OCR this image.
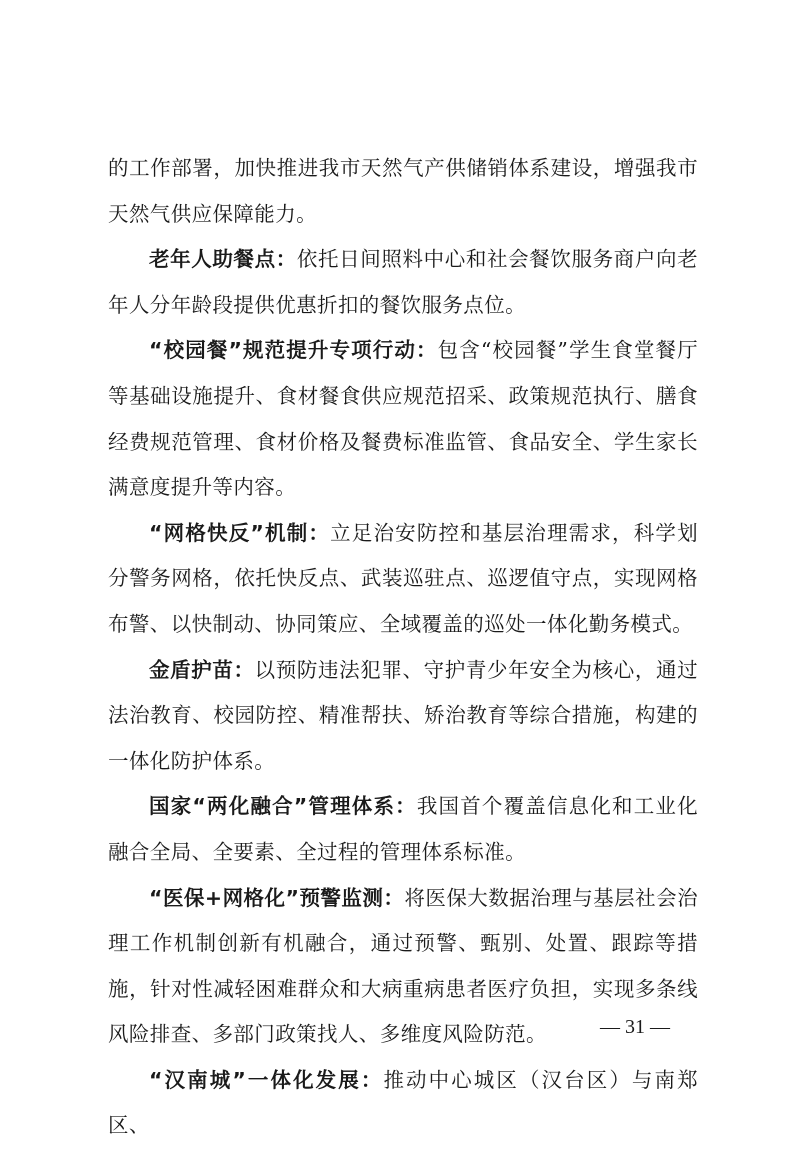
的工作部署，加快推进我市天然气产供储销体系建设，增强我市天然气供应保障能力。

老年人助餐点：依托日间照料中心和社会餐饮服务商户向老年人分年龄段提供优惠折扣的餐饮服务点位。

“校园餐”规范提升专项行动：包含“校园餐”学生食堂餐厅等基础设施提升、食材餐食供应规范招采、政策规范执行、膳食经费规范管理、食材价格及餐费标准监管、食品安全、学生家长满意度提升等内容。

“网格快反”机制：立足治安防控和基层治理需求，科学划分警务网格，依托快反点、武装巡驻点、巡逻值守点，实现网格布警、以快制动、协同策应、全域覆盖的巡处一体化勤务模式。

金盾护苗：以预防违法犯罪、守护青少年安全为核心，通过法治教育、校园防控、精准帮扶、矫治教育等综合措施，构建的一体化防护体系。

国家“两化融合”管理体系：我国首个覆盖信息化和工业化融合全局、全要素、全过程的管理体系标准。

“医保+网格化”预警监测：将医保大数据治理与基层社会治理工作机制创新有机融合，通过预警、甄别、处置、跟踪等措施，针对性减轻困难群众和大病重病患者医疗负担，实现多条线风险排查、多部门政策找人、多维度风险防范。

“汉南城”一体化发展：推动中心城区（汉台区）与南郑区、

— 31 —
